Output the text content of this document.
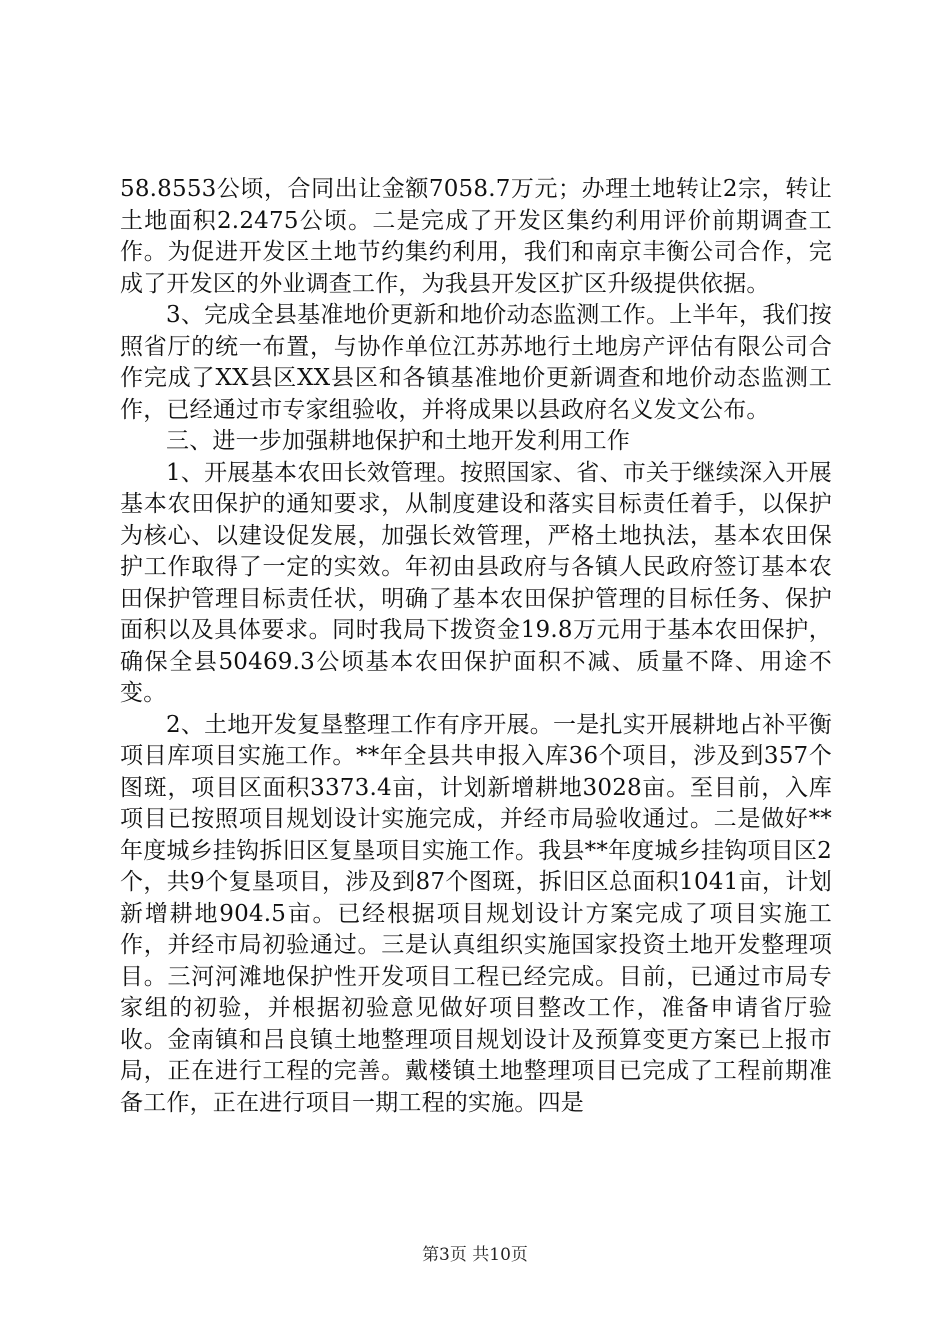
58.8553公顷，合同出让金额7058.7万元；办理土地转让2宗，转让土地面积2.2475公顷。二是完成了开发区集约利用评价前期调查工作。为促进开发区土地节约集约利用，我们和南京丰衡公司合作，完成了开发区的外业调查工作，为我县开发区扩区升级提供依据。

3、完成全县基准地价更新和地价动态监测工作。上半年，我们按照省厅的统一布置，与协作单位江苏苏地行土地房产评估有限公司合作完成了XX县区XX县区和各镇基准地价更新调查和地价动态监测工作，已经通过市专家组验收，并将成果以县政府名义发文公布。

三、进一步加强耕地保护和土地开发利用工作

1、开展基本农田长效管理。按照国家、省、市关于继续深入开展基本农田保护的通知要求，从制度建设和落实目标责任着手，以保护为核心、以建设促发展，加强长效管理，严格土地执法，基本农田保护工作取得了一定的实效。年初由县政府与各镇人民政府签订基本农田保护管理目标责任状，明确了基本农田保护管理的目标任务、保护面积以及具体要求。同时我局下拨资金19.8万元用于基本农田保护，确保全县50469.3公顷基本农田保护面积不减、质量不降、用途不变。

2、土地开发复垦整理工作有序开展。一是扎实开展耕地占补平衡项目库项目实施工作。**年全县共申报入库36个项目，涉及到357个图斑，项目区面积3373.4亩，计划新增耕地3028亩。至目前，入库项目已按照项目规划设计实施完成，并经市局验收通过。二是做好**年度城乡挂钩拆旧区复垦项目实施工作。我县**年度城乡挂钩项目区2个，共9个复垦项目，涉及到87个图斑，拆旧区总面积1041亩，计划新增耕地904.5亩。已经根据项目规划设计方案完成了项目实施工作，并经市局初验通过。三是认真组织实施国家投资土地开发整理项目。三河河滩地保护性开发项目工程已经完成。目前，已通过市局专家组的初验，并根据初验意见做好项目整改工作，准备申请省厅验收。金南镇和吕良镇土地整理项目规划设计及预算变更方案已上报市局，正在进行工程的完善。戴楼镇土地整理项目已完成了工程前期准备工作，正在进行项目一期工程的实施。四是

第3页 共10页
